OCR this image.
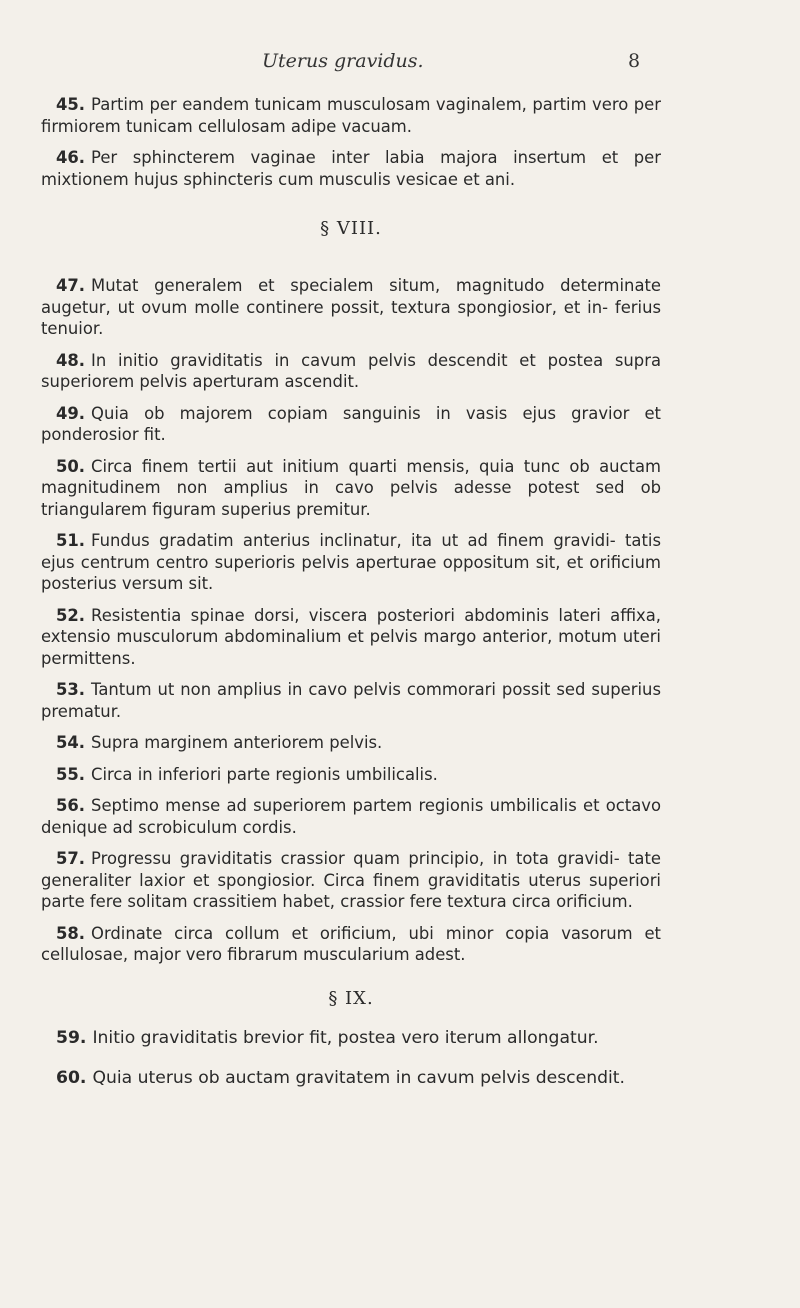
Uterus gravidus.	8

45. Partim per eandem tunicam musculosam vaginalem, partim vero per firmiorem tunicam cellulosam adipe vacuam.

46. Per sphincterem vaginae inter labia majora insertum et per mixtionem hujus sphincteris cum musculis vesicae et ani.

§ VIII.

47. Mutat generalem et specialem situm, magnitudo determinate augetur, ut ovum molle continere possit, textura spongiosior, et in- ferius tenuior.

48. In initio graviditatis in cavum pelvis descendit et postea supra superiorem pelvis aperturam ascendit.

49. Quia ob majorem copiam sanguinis in vasis ejus gravior et ponderosior fit.

50. Circa finem tertii aut initium quarti mensis, quia tunc ob auctam magnitudinem non amplius in cavo pelvis adesse potest sed ob triangularem figuram superius premitur.

51. Fundus gradatim anterius inclinatur, ita ut ad finem gravidi- tatis ejus centrum centro superioris pelvis aperturae oppositum sit, et orificium posterius versum sit.

52. Resistentia spinae dorsi, viscera posteriori abdominis lateri affixa, extensio musculorum abdominalium et pelvis margo anterior, motum uteri permittens.

53. Tantum ut non amplius in cavo pelvis commorari possit sed superius prematur.

54. Supra marginem anteriorem pelvis.

55. Circa in inferiori parte regionis umbilicalis.

56. Septimo mense ad superiorem partem regionis umbilicalis et octavo denique ad scrobiculum cordis.

57. Progressu graviditatis crassior quam principio, in tota gravidi- tate generaliter laxior et spongiosior. Circa finem graviditatis uterus superiori parte fere solitam crassitiem habet, crassior fere textura circa orificium.

58. Ordinate circa collum et orificium, ubi minor copia vasorum et cellulosae, major vero fibrarum muscularium adest.

§ IX.

59. Initio graviditatis brevior fit, postea vero iterum allongatur.

60. Quia uterus ob auctam gravitatem in cavum pelvis descendit.
